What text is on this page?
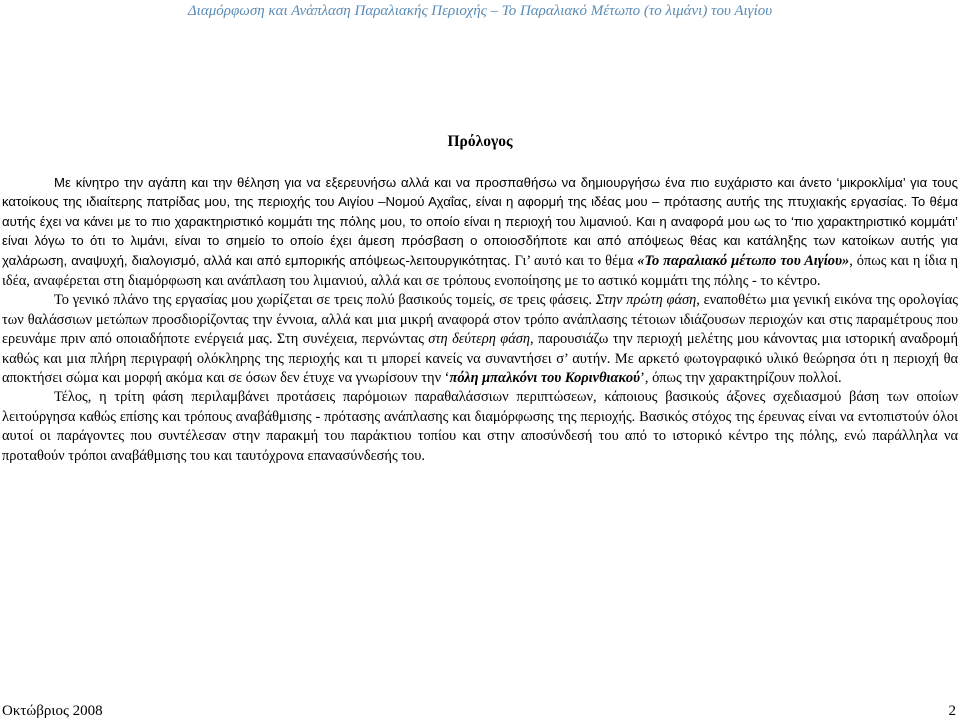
Διαμόρφωση και Ανάπλαση Παραλιακής Περιοχής – Το Παραλιακό Μέτωπο (το λιμάνι) του Αιγίου
Πρόλογος

Με κίνητρο την αγάπη και την θέληση για να εξερευνήσω αλλά και να προσπαθήσω να δημιουργήσω ένα πιο ευχάριστο και άνετο ‘μικροκλίμα’ για τους κατοίκους της ιδιαίτερης πατρίδας μου, της περιοχής του Αιγίου –Νομού Αχαΐας, είναι η αφορμή της ιδέας μου – πρότασης αυτής της πτυχιακής εργασίας. Το θέμα αυτής έχει να κάνει με το πιο χαρακτηριστικό κομμάτι της πόλης μου, το οποίο είναι η περιοχή του λιμανιού. Και η αναφορά μου ως το ‘πιο χαρακτηριστικό κομμάτι’ είναι λόγω το ότι το λιμάνι, είναι το σημείο το οποίο έχει άμεση πρόσβαση ο οποιοσδήποτε και από απόψεως θέας και κατάληξης των κατοίκων αυτής για χαλάρωση, αναψυχή, διαλογισμό, αλλά και από εμπορικής απόψεως-λειτουργικότητας. Γι’ αυτό και το θέμα «Το παραλιακό μέτωπο του Αιγίου», όπως και η ίδια η ιδέα, αναφέρεται στη διαμόρφωση και ανάπλαση του λιμανιού, αλλά και σε τρόπους ενοποίησης με το αστικό κομμάτι της πόλης - το κέντρο.

Το γενικό πλάνο της εργασίας μου χωρίζεται σε τρεις πολύ βασικούς τομείς, σε τρεις φάσεις. Στην πρώτη φάση, εναποθέτω μια γενική εικόνα της ορολογίας των θαλάσσιων μετώπων προσδιορίζοντας την έννοια, αλλά και μια μικρή αναφορά στον τρόπο ανάπλασης τέτοιων ιδιάζουσων περιοχών και στις παραμέτρους που ερευνάμε πριν από οποιαδήποτε ενέργειά μας. Στη συνέχεια, περνώντας στη δεύτερη φάση, παρουσιάζω την περιοχή μελέτης μου κάνοντας μια ιστορική αναδρομή καθώς και μια πλήρη περιγραφή ολόκληρης της περιοχής και τι μπορεί κανείς να συναντήσει σ’ αυτήν. Με αρκετό φωτογραφικό υλικό θεώρησα ότι η περιοχή θα αποκτήσει σώμα και μορφή ακόμα και σε όσων δεν έτυχε να γνωρίσουν την ‘πόλη μπαλκόνι του Κορινθιακού’, όπως την χαρακτηρίζουν πολλοί.

Τέλος, η τρίτη φάση περιλαμβάνει προτάσεις παρόμοιων παραθαλάσσιων περιπτώσεων, κάποιους βασικούς άξονες σχεδιασμού βάση των οποίων λειτούργησα καθώς επίσης και τρόπους αναβάθμισης - πρότασης ανάπλασης και διαμόρφωσης της περιοχής. Βασικός στόχος της έρευνας είναι να εντοπιστούν όλοι αυτοί οι παράγοντες που συντέλεσαν στην παρακμή του παράκτιου τοπίου και στην αποσύνδεσή του από το ιστορικό κέντρο της πόλης, ενώ παράλληλα να προταθούν τρόποι αναβάθμισης του και ταυτόχρονα επανασύνδεσής του.

Οκτώβριος 2008	2
